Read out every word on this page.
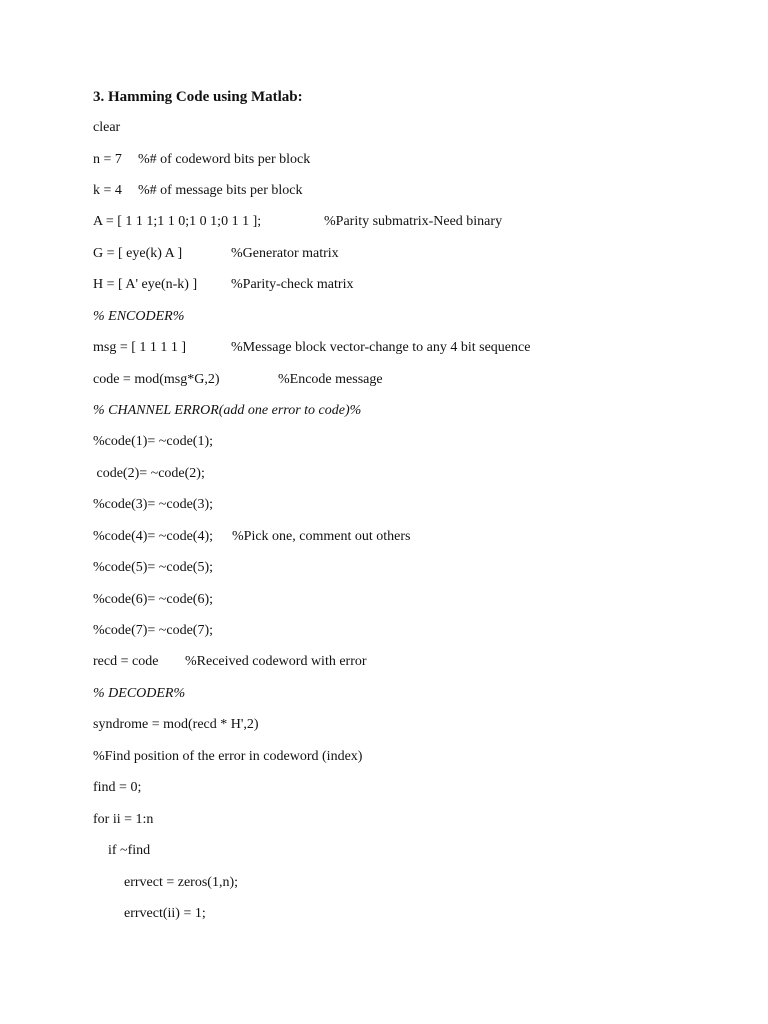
3. Hamming Code using Matlab:
clear
n = 7 %# of codeword bits per block
k = 4 %# of message bits per block
A = [ 1 1 1;1 1 0;1 0 1;0 1 1 ];	%Parity submatrix-Need binary
G = [ eye(k) A ]	%Generator matrix
H = [ A' eye(n-k) ] %Parity-check matrix
% ENCODER%
msg = [ 1 1 1 1 ]	%Message block vector-change to any 4 bit sequence
code = mod(msg*G,2)	%Encode message
% CHANNEL ERROR(add one error to code)%
%code(1)= ~code(1);
code(2)= ~code(2);
%code(3)= ~code(3);
%code(4)= ~code(4); %Pick one, comment out others
%code(5)= ~code(5);
%code(6)= ~code(6);
%code(7)= ~code(7);
recd = code %Received codeword with error
% DECODER%
syndrome = mod(recd * H',2)
%Find position of the error in codeword (index)
find = 0;
for ii = 1:n
if ~find
errvect = zeros(1,n);
errvect(ii) = 1;
